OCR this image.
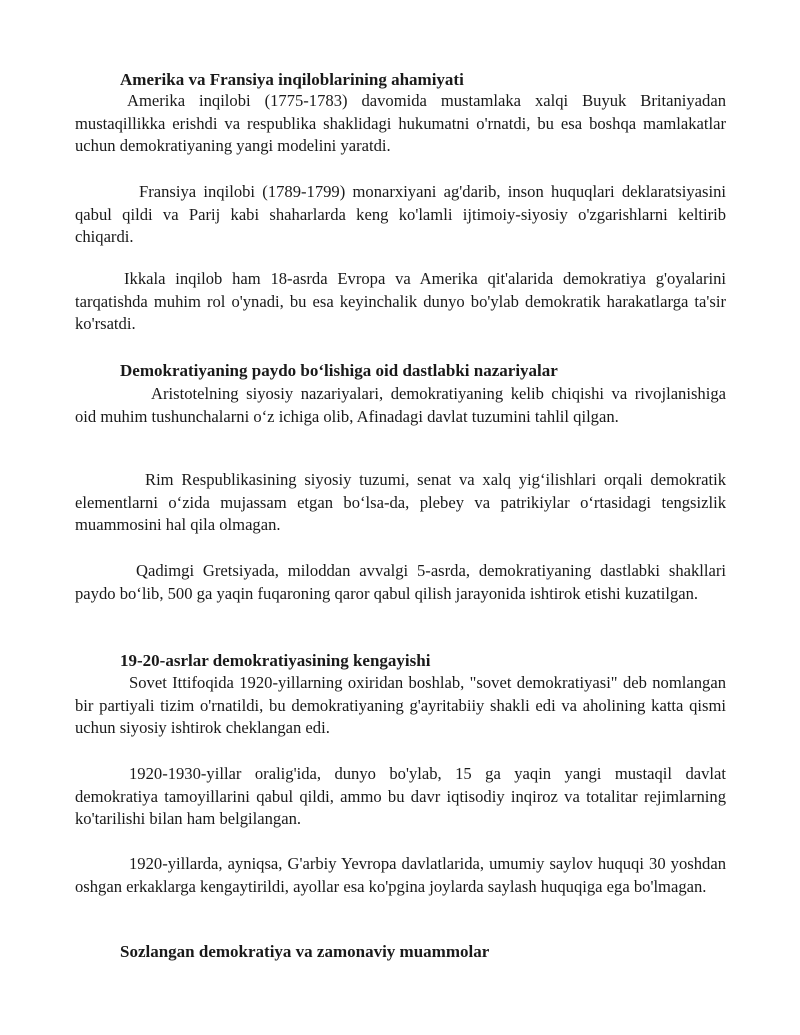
Amerika va Fransiya inqiloblarining ahamiyati

Amerika inqilobi (1775-1783) davomida mustamlaka xalqi Buyuk Britaniyadan mustaqillikka erishdi va respublika shaklidagi hukumatni o'rnatdi, bu esa boshqa mamlakatlar uchun demokratiyaning yangi modelini yaratdi.

Fransiya inqilobi (1789-1799) monarxiyani ag'darib, inson huquqlari deklaratsiyasini qabul qildi va Parij kabi shaharlarda keng ko'lamli ijtimoiy-siyosiy o'zgarishlarni keltirib chiqardi.

Ikkala inqilob ham 18-asrda Evropa va Amerika qit'alarida demokratiya g'oyalarini tarqatishda muhim rol o'ynadi, bu esa keyinchalik dunyo bo'ylab demokratik harakatlarga ta'sir ko'rsatdi.

Demokratiyaning paydo bo‘lishiga oid dastlabki nazariyalar

Aristotelning siyosiy nazariyalari, demokratiyaning kelib chiqishi va rivojlanishiga oid muhim tushunchalarni o‘z ichiga olib, Afinadagi davlat tuzumini tahlil qilgan.

Rim Respublikasining siyosiy tuzumi, senat va xalq yig‘ilishlari orqali demokratik elementlarni o‘zida mujassam etgan bo‘lsa-da, plebey va patrikiylar o‘rtasidagi tengsizlik muammosini hal qila olmagan.

Qadimgi Gretsiyada, miloddan avvalgi 5-asrda, demokratiyaning dastlabki shakllari paydo bo‘lib, 500 ga yaqin fuqaroning qaror qabul qilish jarayonida ishtirok etishi kuzatilgan.

19-20-asrlar demokratiyasining kengayishi

Sovet Ittifoqida 1920-yillarning oxiridan boshlab, "sovet demokratiyasi" deb nomlangan bir partiyali tizim o'rnatildi, bu demokratiyaning g'ayritabiiy shakli edi va aholining katta qismi uchun siyosiy ishtirok cheklangan edi.

1920-1930-yillar oralig'ida, dunyo bo'ylab, 15 ga yaqin yangi mustaqil davlat demokratiya tamoyillarini qabul qildi, ammo bu davr iqtisodiy inqiroz va totalitar rejimlarning ko'tarilishi bilan ham belgilangan.

1920-yillarda, ayniqsa, G'arbiy Yevropa davlatlarida, umumiy saylov huquqi 30 yoshdan oshgan erkaklarga kengaytirildi, ayollar esa ko'pgina joylarda saylash huquqiga ega bo'lmagan.

Sozlangan demokratiya va zamonaviy muammolar
